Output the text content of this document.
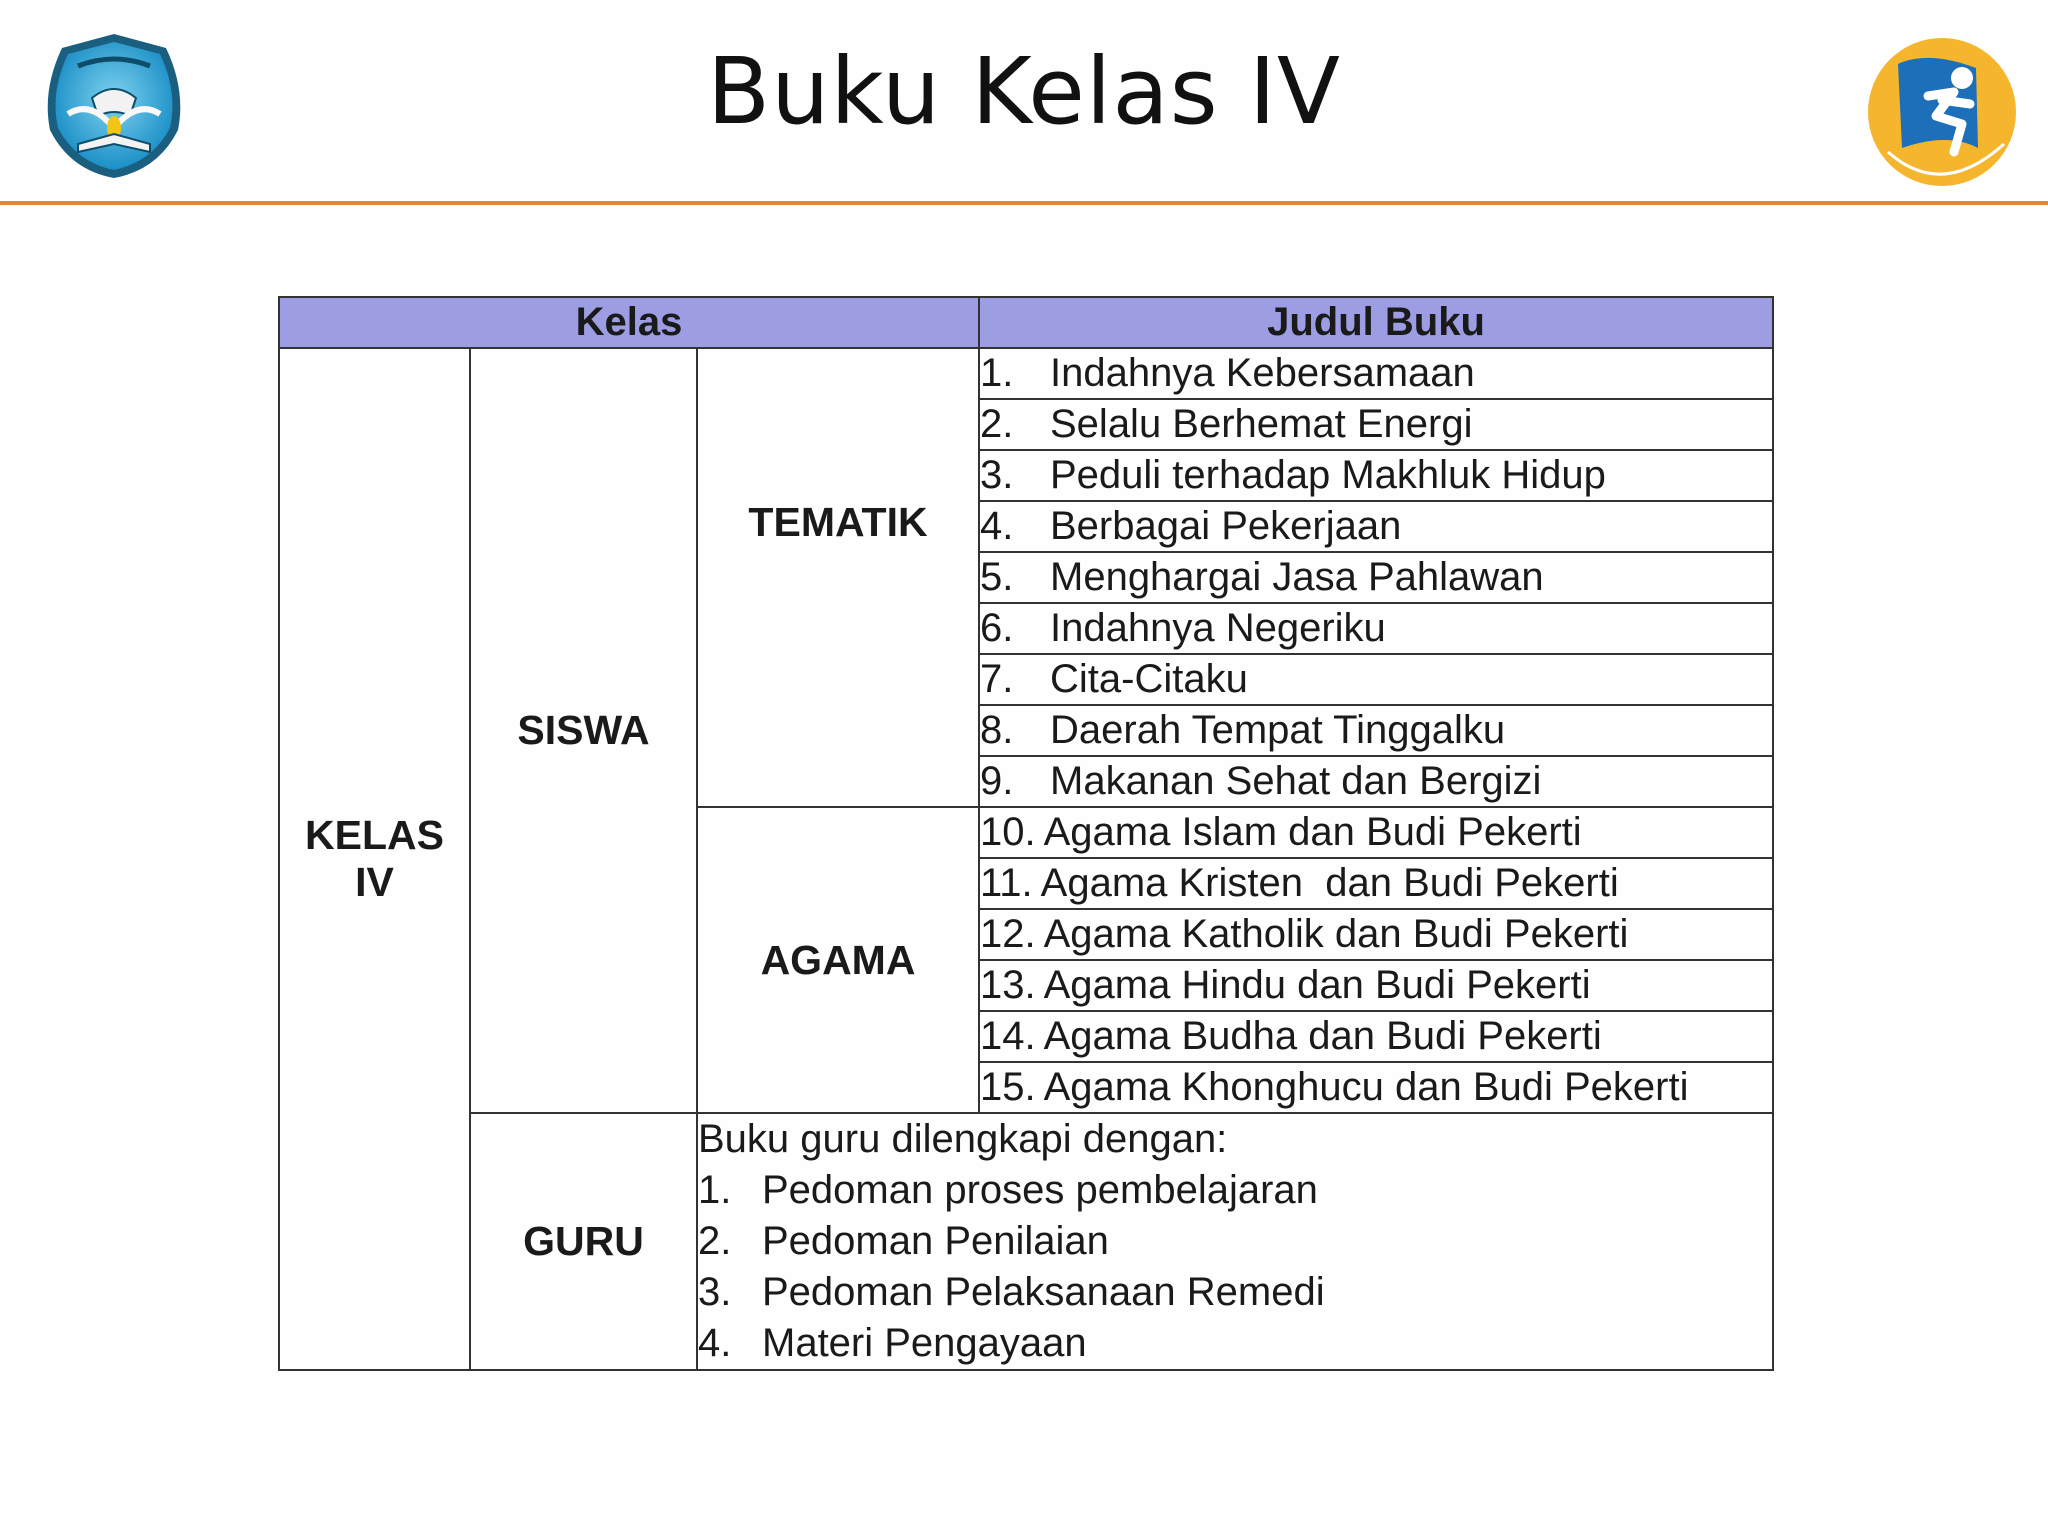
Buku Kelas IV
Kelas			Judul Buku
KELAS
IV	SISWA	TEMATIK	1. Indahnya Kebersamaan
			2. Selalu Berhemat Energi
			3. Peduli terhadap Makhluk Hidup
			4. Berbagai Pekerjaan
			5. Menghargai Jasa Pahlawan
			6. Indahnya Negeriku
			7. Cita-Citaku
			8. Daerah Tempat Tinggalku
			9. Makanan Sehat dan Bergizi
		AGAMA	10. Agama Islam dan Budi Pekerti
			11. Agama Kristen  dan Budi Pekerti
			12. Agama Katholik dan Budi Pekerti
			13. Agama Hindu dan Budi Pekerti
			14. Agama Budha dan Budi Pekerti
			15. Agama Khonghucu dan Budi Pekerti
	GURU	Buku guru dilengkapi dengan:
1. Pedoman proses pembelajaran
2. Pedoman Penilaian
3. Pedoman Pelaksanaan Remedi
4. Materi Pengayaan	
